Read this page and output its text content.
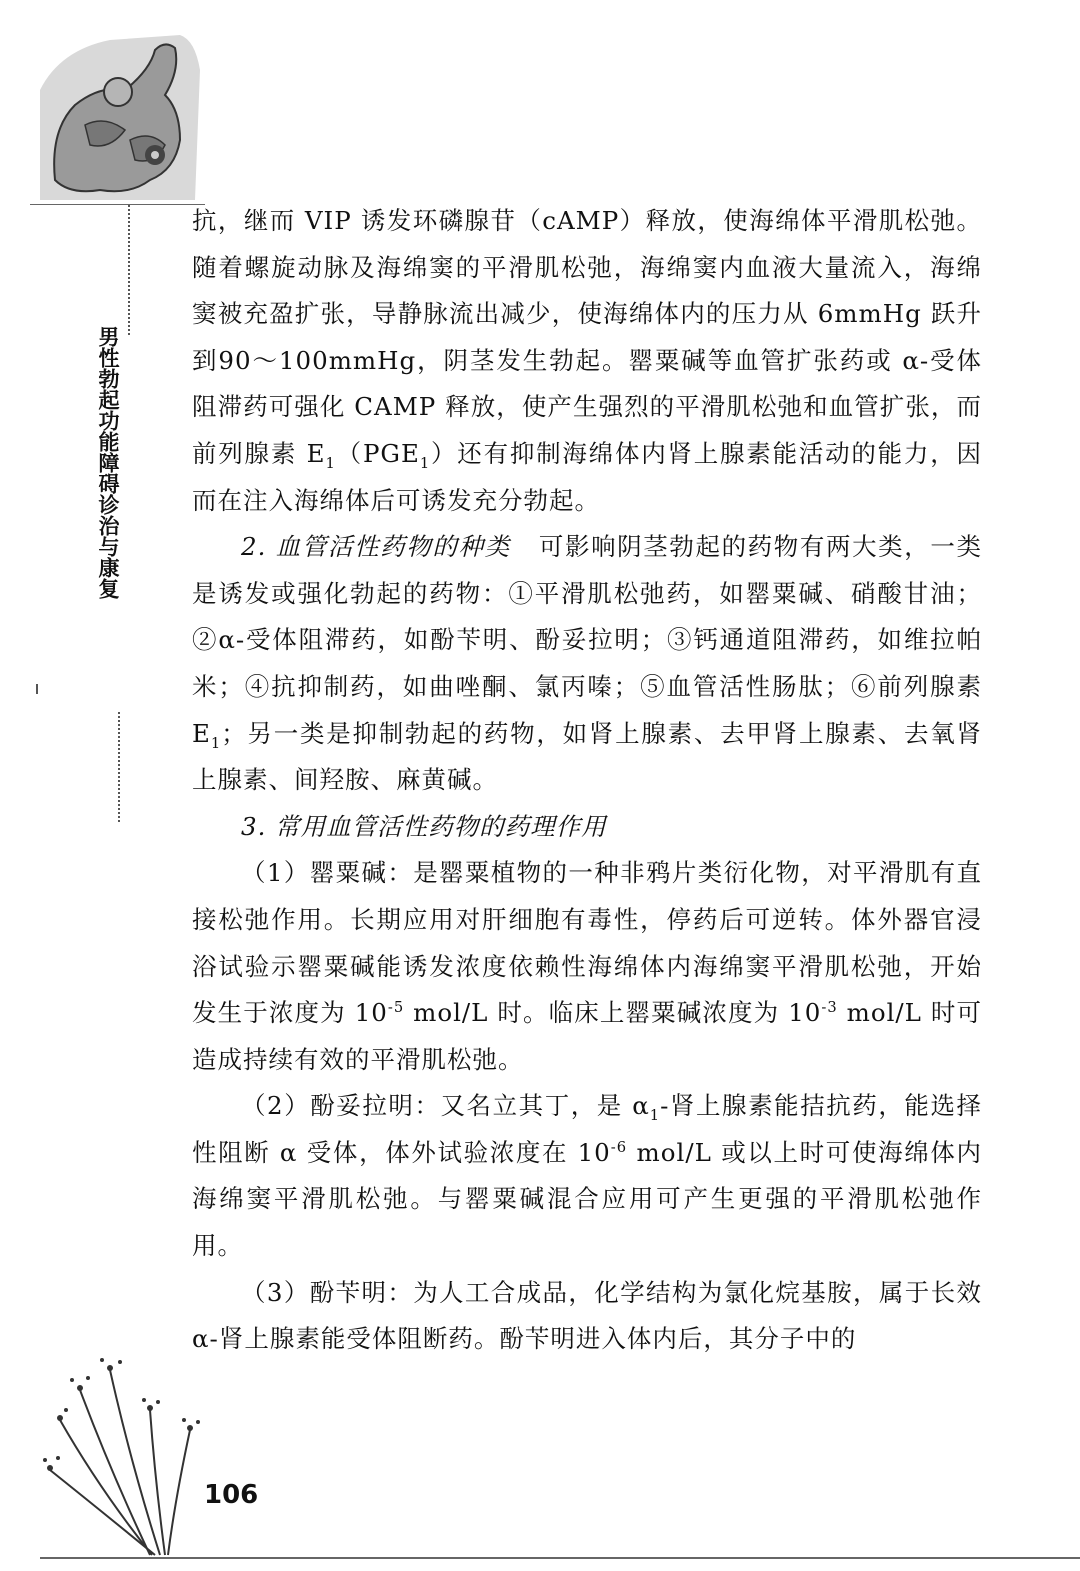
男性勃起功能障碍诊治与康复

抗，继而 VIP 诱发环磷腺苷（cAMP）释放，使海绵体平滑肌松弛。随着螺旋动脉及海绵窦的平滑肌松弛，海绵窦内血液大量流入，海绵窦被充盈扩张，导静脉流出减少，使海绵体内的压力从 6mmHg 跃升到90～100mmHg，阴茎发生勃起。罂粟碱等血管扩张药或 α-受体阻滞药可强化 CAMP 释放，使产生强烈的平滑肌松弛和血管扩张，而前列腺素 $E_1(PGE_1)$还有抑制海绵体内肾上腺素能活动的能力，因而在注入海绵体后可诱发充分勃起。

2. 血管活性药物的种类 可影响阴茎勃起的药物有两大类，一类是诱发或强化勃起的药物：①平滑肌松弛药，如罂粟碱、硝酸甘油；②α-受体阻滞药，如酚苄明、酚妥拉明；③钙通道阻滞药，如维拉帕米；④抗抑制药，如曲唑酮、氯丙嗪；⑤血管活性肠肽；⑥前列腺素 $E_1$；另一类是抑制勃起的药物，如肾上腺素、去甲肾上腺素、去氧肾上腺素、间羟胺、麻黄碱。

3. 常用血管活性药物的药理作用

（1）罂粟碱：是罂粟植物的一种非鸦片类衍化物，对平滑肌有直接松弛作用。长期应用对肝细胞有毒性，停药后可逆转。体外器官浸浴试验示罂粟碱能诱发浓度依赖性海绵体内海绵窦平滑肌松弛，开始发生于浓度为 $10^{-5}$ mol/L 时。临床上罂粟碱浓度为 $10^{-3}$ mol/L 时可造成持续有效的平滑肌松弛。

（2）酚妥拉明：又名立其丁，是 $\alpha_1-$肾上腺素能拮抗药，能选择性阻断 α 受体，体外试验浓度在 $10^{-6}$ mol/L 或以上时可使海绵体内海绵窦平滑肌松弛。与罂粟碱混合应用可产生更强的平滑肌松弛作用。

（3）酚苄明：为人工合成品，化学结构为氯化烷基胺，属于长效 α-肾上腺素能受体阻断药。酚苄明进入体内后，其分子中的

106
